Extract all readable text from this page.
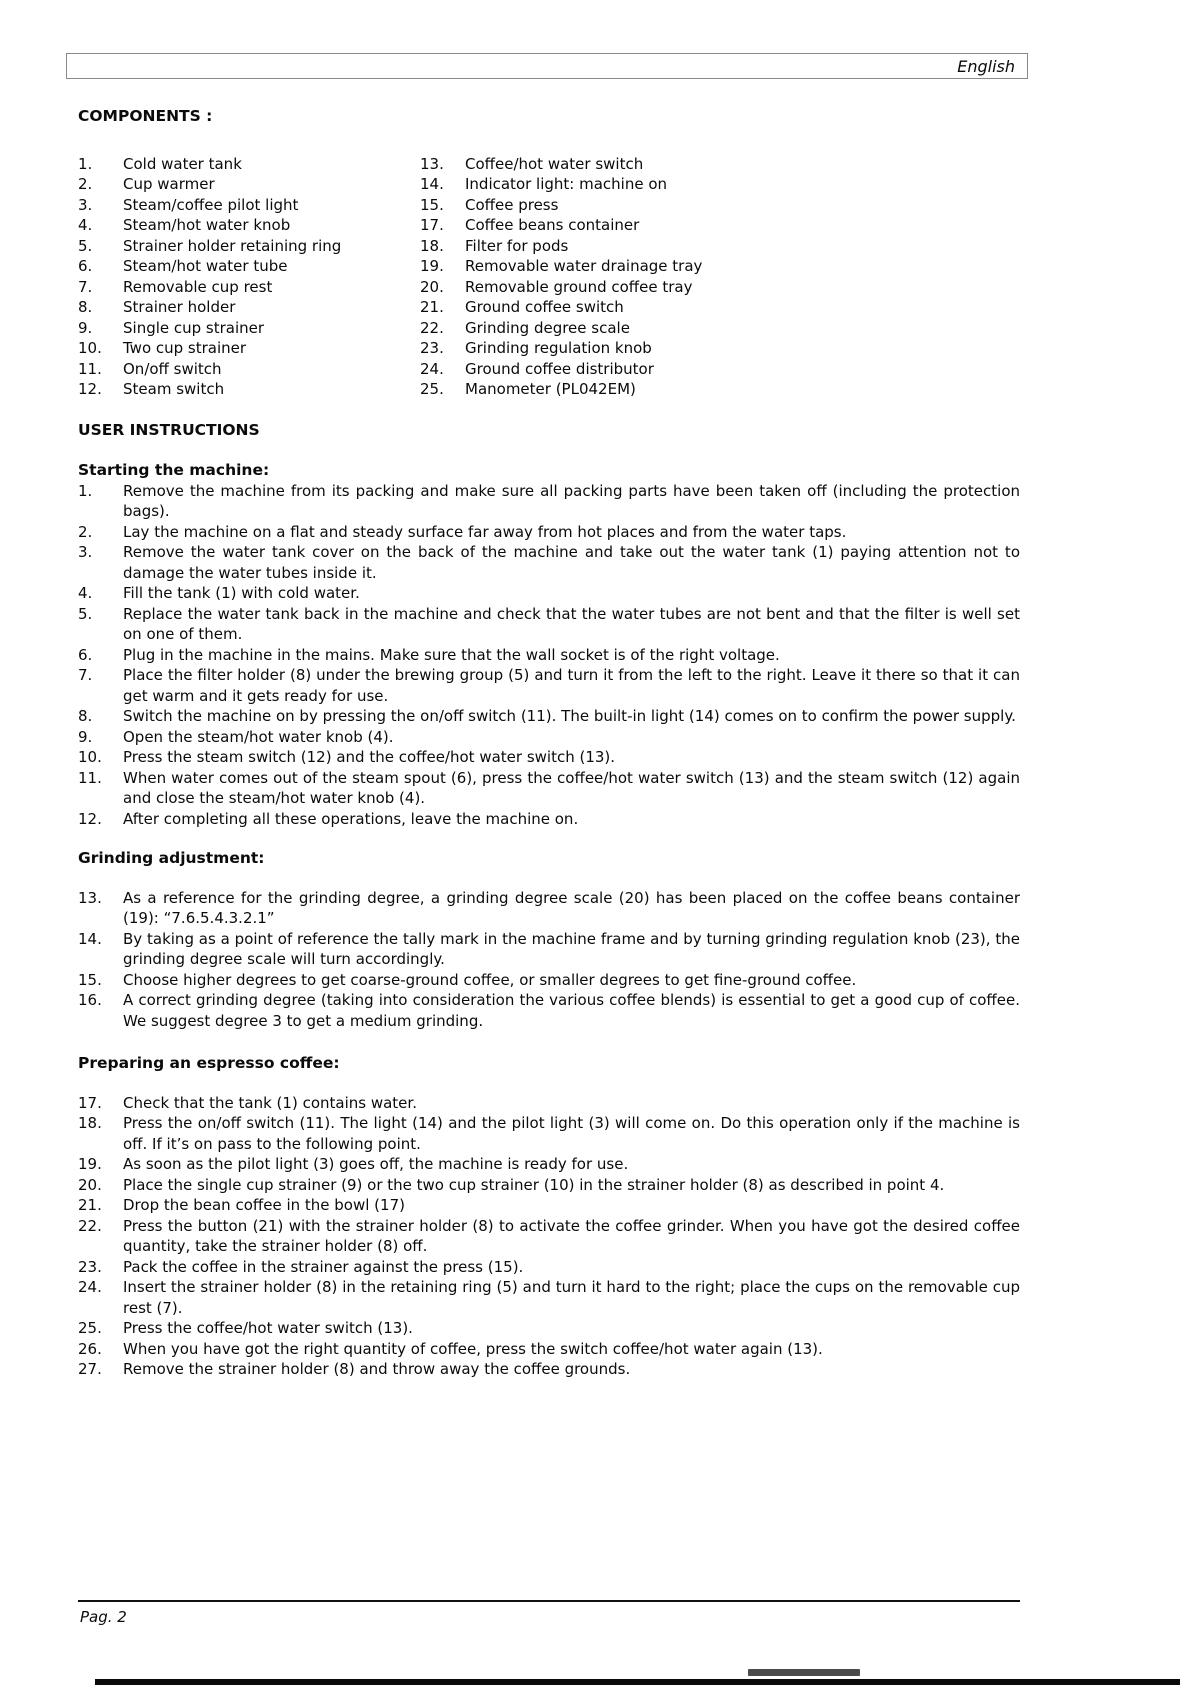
English
COMPONENTS :
1.	Cold water tank
2.	Cup warmer
3.	Steam/coffee pilot light
4.	Steam/hot water knob
5.	Strainer holder retaining ring
6.	Steam/hot water tube
7.	Removable cup rest
8.	Strainer holder
9.	Single cup strainer
10.	Two cup strainer
11.	On/off switch
12.	Steam switch
13.	Coffee/hot water switch
14.	Indicator light: machine on
15.	Coffee press
17.	Coffee beans container
18.	Filter for pods
19.	Removable water drainage tray
20.	Removable ground coffee tray
21.	Ground coffee switch
22.	Grinding degree scale
23.	Grinding regulation knob
24.	Ground coffee distributor
25.	Manometer (PL042EM)
USER INSTRUCTIONS
Starting the machine:
1.	Remove the machine from its packing and make sure all packing parts have been taken off (including the protection bags).
2.	Lay the machine on a flat and steady surface far away from hot places and from the water taps.
3.	Remove the water tank cover on the back of the machine and take out the water tank (1) paying attention not to damage the water tubes inside it.
4.	Fill the tank (1) with cold water.
5.	Replace the water tank back in the machine and check that the water tubes are not bent and that the filter is well set on one of them.
6.	Plug in the machine in the mains. Make sure that the wall socket is of the right voltage.
7.	Place the filter holder (8) under the brewing group (5) and turn it from the left to the right. Leave it there so that it can get warm and it gets ready for use.
8.	Switch the machine on by pressing the on/off switch (11). The built-in light (14) comes on to confirm the power supply.
9.	Open the steam/hot water knob (4).
10.	Press the steam switch (12) and the coffee/hot water switch (13).
11.	When water comes out of the steam spout (6), press the coffee/hot water switch (13) and the steam switch (12) again and close the steam/hot water knob (4).
12.	After completing all these operations, leave the machine on.
Grinding adjustment:
13.	As a reference for the grinding degree, a grinding degree scale (20) has been placed on the coffee beans container (19): “7.6.5.4.3.2.1”
14.	By taking as a point of reference the tally mark in the machine frame and by turning grinding regulation knob (23), the grinding degree scale will turn accordingly.
15.	Choose higher degrees to get coarse-ground coffee, or smaller degrees to get fine-ground coffee.
16.	A correct grinding degree (taking into consideration the various coffee blends) is essential to get a good cup of coffee. We suggest degree 3 to get a medium grinding.
Preparing an espresso coffee:
17.	Check that the tank (1) contains water.
18.	Press the on/off switch (11). The light (14) and the pilot light (3) will come on. Do this operation only if the machine is off. If it’s on pass to the following point.
19.	As soon as the pilot light (3) goes off, the machine is ready for use.
20.	Place the single cup strainer (9) or the two cup strainer (10) in the strainer holder (8) as described in point 4.
21.	Drop the bean coffee in the bowl (17)
22.	Press the button (21) with the strainer holder (8) to activate the coffee grinder. When you have got the desired coffee quantity, take the strainer holder (8) off.
23.	Pack the coffee in the strainer against the press (15).
24.	Insert the strainer holder (8) in the retaining ring (5) and turn it hard to the right; place the cups on the removable cup rest (7).
25.	Press the coffee/hot water switch (13).
26.	When you have got the right quantity of coffee, press the switch coffee/hot water again (13).
27.	Remove the strainer holder (8) and throw away the coffee grounds.
Pag. 2
